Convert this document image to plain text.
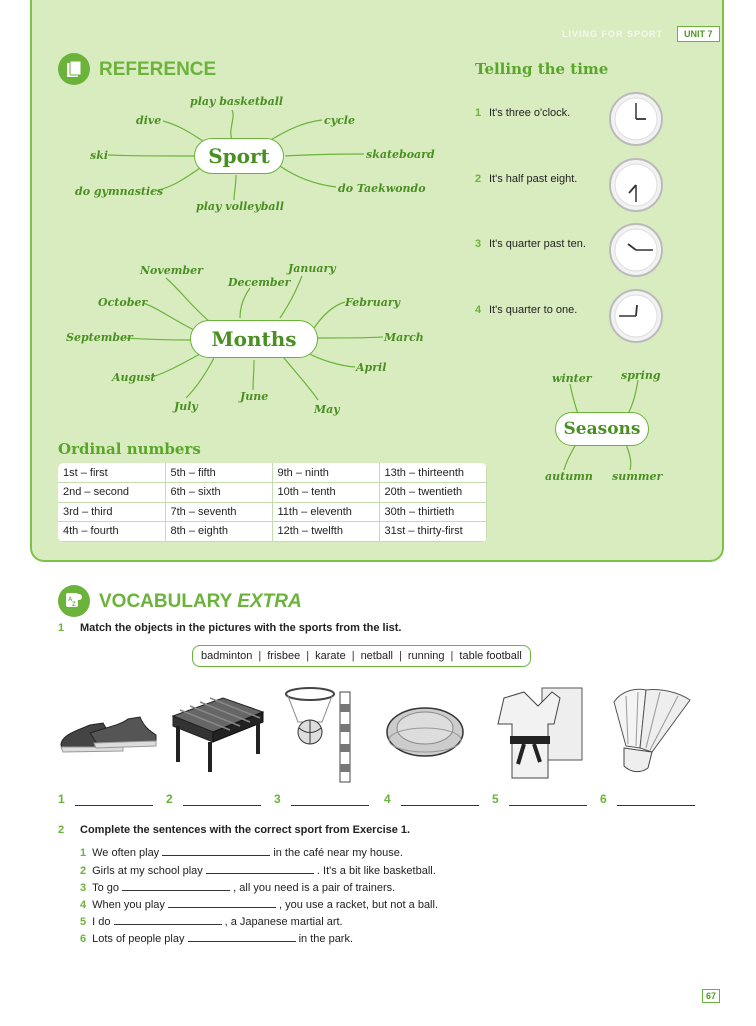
LIVING FOR SPORT	UNIT 7
REFERENCE
Sport
play basketball
dive	cycle
ski	skateboard
do gymnastics	do Taekwondo
play volleyball
Months
November
December
January
October	February
September	March
August
April
July
June
May
Seasons
winter	spring
autumn summer
Telling the time
1 It's three o'clock.
2 It's half past eight.
3 It's quarter past ten.
4 It's quarter to one.
Ordinal numbers
1st – first	5th – fifth	9th – ninth	13th – thirteenth
2nd – second	6th – sixth	10th – tenth	20th – twentieth
3rd – third	7th – seventh	11th – eleventh	30th – thirtieth
4th – fourth	8th – eighth	12th – twelfth	31st – thirty-first
A
Z VOCABULARY EXTRA
1 Match the objects in the pictures with the sports from the list.
badminton | frisbee | karate | netball | running | table football
1	2	3	4	5	6
2 Complete the sentences with the correct sport from Exercise 1.
1 We often play	in the café near my house.
2 Girls at my school play	. It's a bit like basketball.
3 To go	, all you need is a pair of trainers.
4 When you play	, you use a racket, but not a ball.
5 I do	, a Japanese martial art.
6 Lots of people play	in the park.
67
